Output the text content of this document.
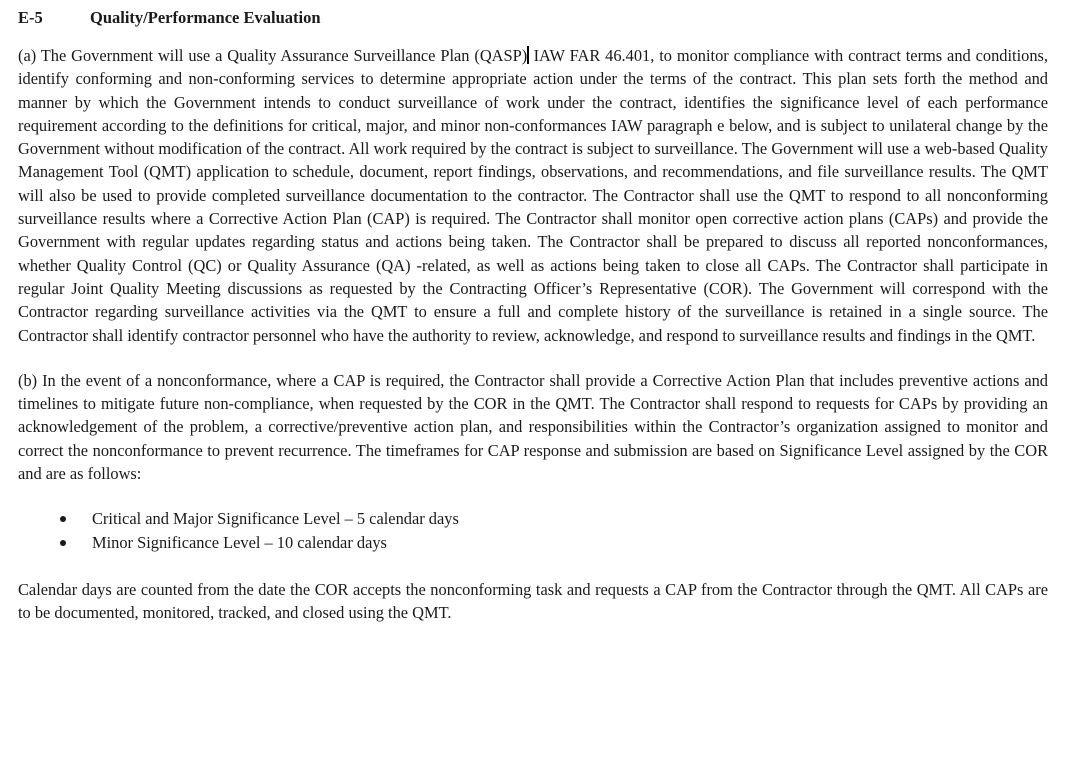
E-5	Quality/Performance Evaluation

(a) The Government will use a Quality Assurance Surveillance Plan (QASP) IAW FAR 46.401, to monitor compliance with contract terms and conditions, identify conforming and non-conforming services to determine appropriate action under the terms of the contract. This plan sets forth the method and manner by which the Government intends to conduct surveillance of work under the contract, identifies the significance level of each performance requirement according to the definitions for critical, major, and minor non-conformances IAW paragraph e below, and is subject to unilateral change by the Government without modification of the contract. All work required by the contract is subject to surveillance. The Government will use a web-based Quality Management Tool (QMT) application to schedule, document, report findings, observations, and recommendations, and file surveillance results. The QMT will also be used to provide completed surveillance documentation to the contractor. The Contractor shall use the QMT to respond to all nonconforming surveillance results where a Corrective Action Plan (CAP) is required. The Contractor shall monitor open corrective action plans (CAPs) and provide the Government with regular updates regarding status and actions being taken. The Contractor shall be prepared to discuss all reported nonconformances, whether Quality Control (QC) or Quality Assurance (QA) -related, as well as actions being taken to close all CAPs. The Contractor shall participate in regular Joint Quality Meeting discussions as requested by the Contracting Officer’s Representative (COR). The Government will correspond with the Contractor regarding surveillance activities via the QMT to ensure a full and complete history of the surveillance is retained in a single source. The Contractor shall identify contractor personnel who have the authority to review, acknowledge, and respond to surveillance results and findings in the QMT.

(b) In the event of a nonconformance, where a CAP is required, the Contractor shall provide a Corrective Action Plan that includes preventive actions and timelines to mitigate future non-compliance, when requested by the COR in the QMT. The Contractor shall respond to requests for CAPs by providing an acknowledgement of the problem, a corrective/preventive action plan, and responsibilities within the Contractor’s organization assigned to monitor and correct the nonconformance to prevent recurrence. The timeframes for CAP response and submission are based on Significance Level assigned by the COR and are as follows:

Critical and Major Significance Level – 5 calendar days
Minor Significance Level – 10 calendar days

Calendar days are counted from the date the COR accepts the nonconforming task and requests a CAP from the Contractor through the QMT. All CAPs are to be documented, monitored, tracked, and closed using the QMT.
